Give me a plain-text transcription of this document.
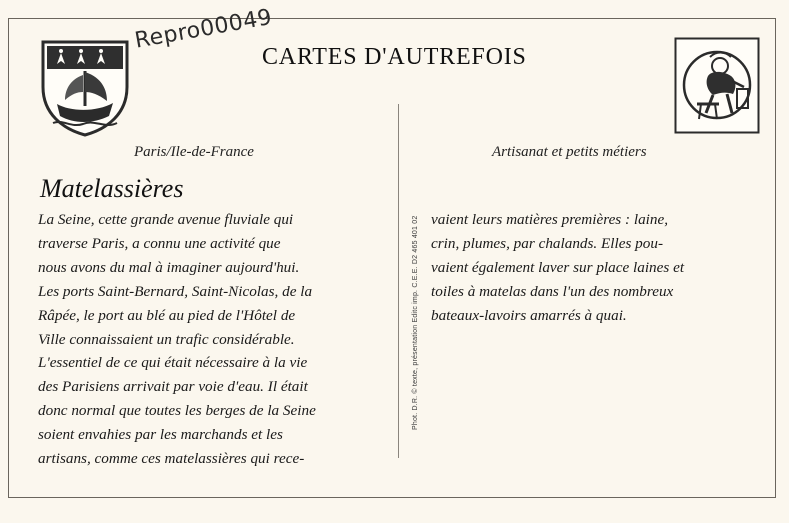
Repro00049
CARTES D'AUTREFOIS
Paris/Ile-de-France	Artisanat et petits métiers
Phot. D.R. © texte, présentation Editc imp. C.E.E. D2 465 401 02
Matelassières
La Seine, cette grande avenue fluviale qui
traverse Paris, a connu une activité que
nous avons du mal à imaginer aujourd'hui.
Les ports Saint-Bernard, Saint-Nicolas, de la
Râpée, le port au blé au pied de l'Hôtel de
Ville connaissaient un trafic considérable.
L'essentiel de ce qui était nécessaire à la vie
des Parisiens arrivait par voie d'eau. Il était
donc normal que toutes les berges de la Seine
soient envahies par les marchands et les
artisans, comme ces matelassières qui rece-
vaient leurs matières premières : laine,
crin, plumes, par chalands. Elles pou-
vaient également laver sur place laines et
toiles à matelas dans l'un des nombreux
bateaux-lavoirs amarrés à quai.
